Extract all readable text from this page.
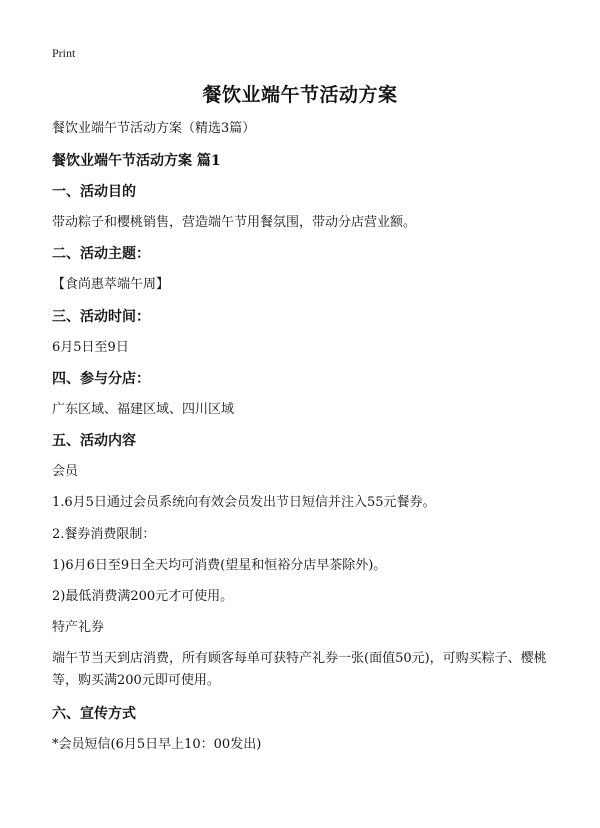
Print
餐饮业端午节活动方案
餐饮业端午节活动方案（精选3篇）
餐饮业端午节活动方案 篇1
一、活动目的
带动粽子和樱桃销售，营造端午节用餐氛围，带动分店营业额。
二、活动主题：
【食尚惠萃端午周】
三、活动时间：
6月5日至9日
四、参与分店：
广东区域、福建区域、四川区域
五、活动内容
会员
1.6月5日通过会员系统向有效会员发出节日短信并注入55元餐券。
2.餐券消费限制：
1)6月6日至9日全天均可消费(望星和恒裕分店早茶除外)。
2)最低消费满200元才可使用。
特产礼券
端午节当天到店消费，所有顾客每单可获特产礼券一张(面值50元)，可购买粽子、樱桃等，购买满200元即可使用。
六、宣传方式
*会员短信(6月5日早上10：00发出)
